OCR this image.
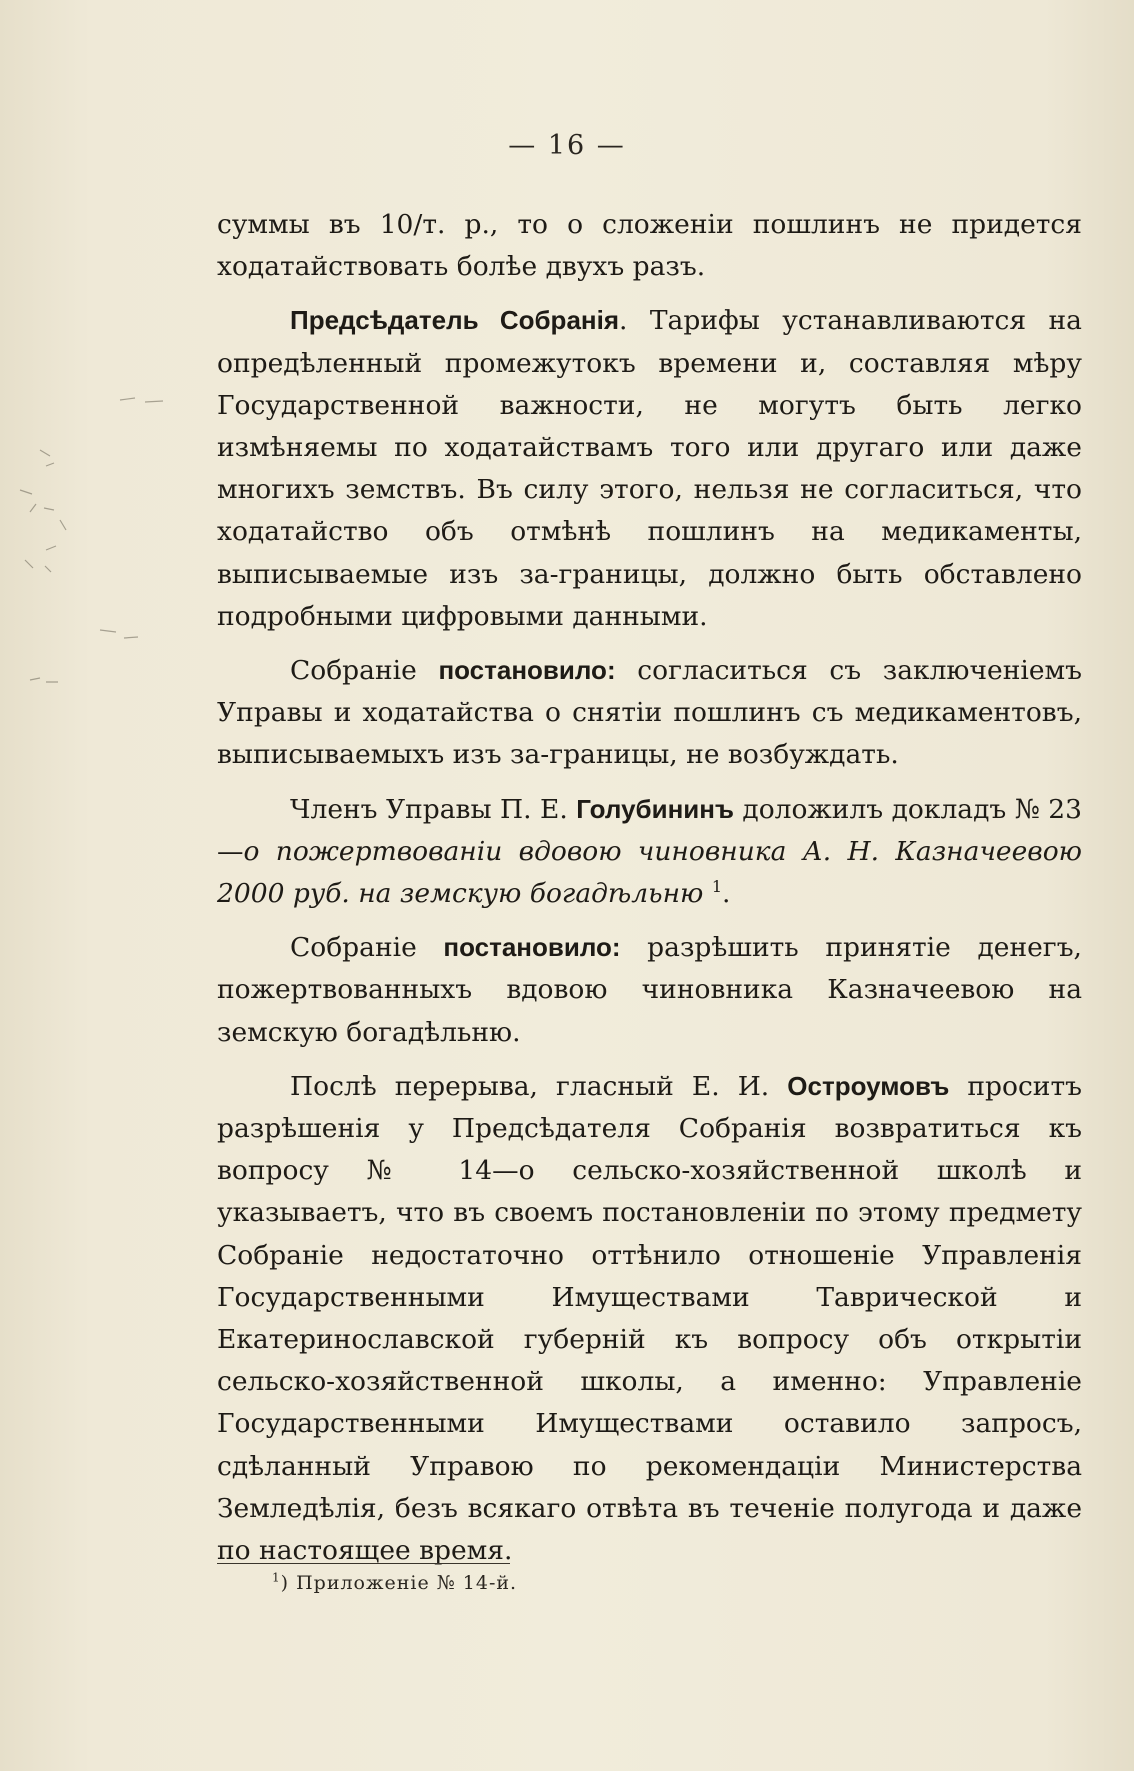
— 16 —

суммы въ 10/т. р., то о сложеніи пошлинъ не придется ходатайствовать болѣе двухъ разъ.

Предсѣдатель Собранія. Тарифы устанавливаются на опредѣленный промежутокъ времени и, составляя мѣру Государственной важности, не могутъ быть легко измѣняемы по ходатайствамъ того или другаго или даже многихъ земствъ. Въ силу этого, нельзя не согласиться, что ходатайство объ отмѣнѣ пошлинъ на медикаменты, выписываемые изъ за-границы, должно быть обставлено подробными цифровыми данными.

Собраніе постановило: согласиться съ заключеніемъ Управы и ходатайства о снятіи пошлинъ съ медикаментовъ, выписываемыхъ изъ за-границы, не возбуждать.

Членъ Управы П. Е. Голубининъ доложилъ докладъ № 23—о пожертвованіи вдовою чиновника А. Н. Казначеевою 2000 руб. на земскую богадѣльню $^1$.

Собраніе постановило: разрѣшить принятіе денегъ, пожертвованныхъ вдовою чиновника Казначеевою на земскую богадѣльню.

Послѣ перерыва, гласный Е. И. Остроумовъ проситъ разрѣшенія у Предсѣдателя Собранія возвратиться къ вопросу № 14—о сельско-хозяйственной школѣ и указываетъ, что въ своемъ постановленіи по этому предмету Собраніе недостаточно оттѣнило отношеніе Управленія Государственными Имуществами Таврической и Екатеринославской губерній къ вопросу объ открытіи сельско-хозяйственной школы, а именно: Управленіе Государственными Имуществами оставило запросъ, сдѣланный Управою по рекомендаціи Министерства Земледѣлія, безъ всякаго отвѣта въ теченіе полугода и даже по настоящее время.

$^1$) Приложеніе № 14-й.
